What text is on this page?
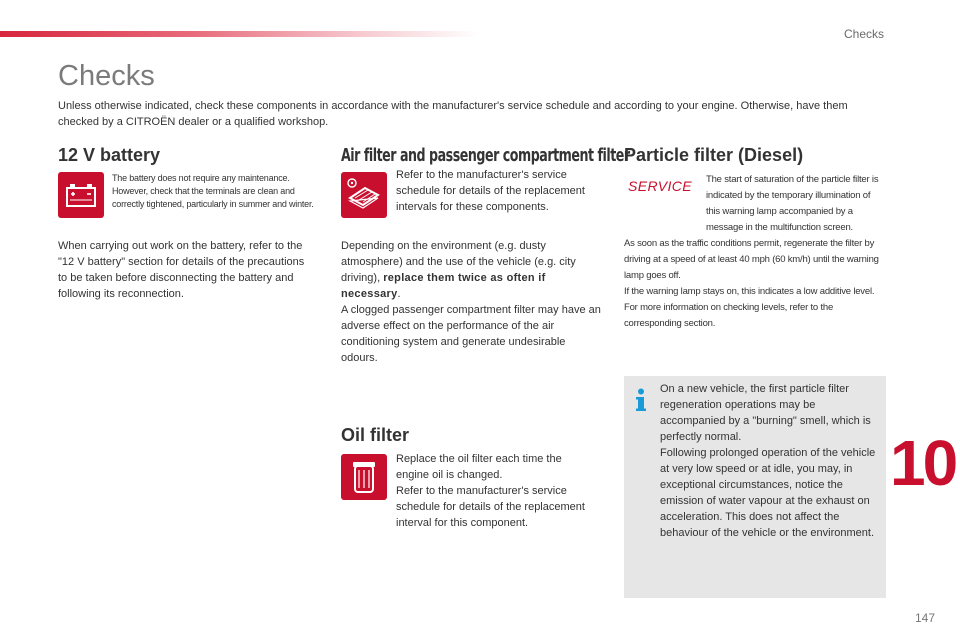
Checks
Checks
Unless otherwise indicated, check these components in accordance with the manufacturer's service schedule and according to your engine. Otherwise, have them checked by a CITROËN dealer or a qualified workshop.
12 V battery
The battery does not require any maintenance. However, check that the terminals are clean and correctly tightened, particularly in summer and winter.
When carrying out work on the battery, refer to the "12 V battery" section for details of the precautions to be taken before disconnecting the battery and following its reconnection.
Air filter and passenger compartment filter
Refer to the manufacturer's service schedule for details of the replacement intervals for these components.
Depending on the environment (e.g. dusty atmosphere) and the use of the vehicle (e.g. city driving), replace them twice as often if necessary.
A clogged passenger compartment filter may have an adverse effect on the performance of the air conditioning system and generate undesirable odours.
Oil filter
Replace the oil filter each time the engine oil is changed.
Refer to the manufacturer's service schedule for details of the replacement interval for this component.
Particle filter (Diesel)
SERVICE	The start of saturation of the particle filter is indicated by the temporary illumination of this warning lamp accompanied by a message in the multifunction screen.
As soon as the traffic conditions permit, regenerate the filter by driving at a speed of at least 40 mph (60 km/h) until the warning lamp goes off.
If the warning lamp stays on, this indicates a low additive level.
For more information on checking levels, refer to the corresponding section.
On a new vehicle, the first particle filter regeneration operations may be accompanied by a "burning" smell, which is perfectly normal.
Following prolonged operation of the vehicle at very low speed or at idle, you may, in exceptional circumstances, notice the emission of water vapour at the exhaust on acceleration. This does not affect the behaviour of the vehicle or the environment.
10
147
